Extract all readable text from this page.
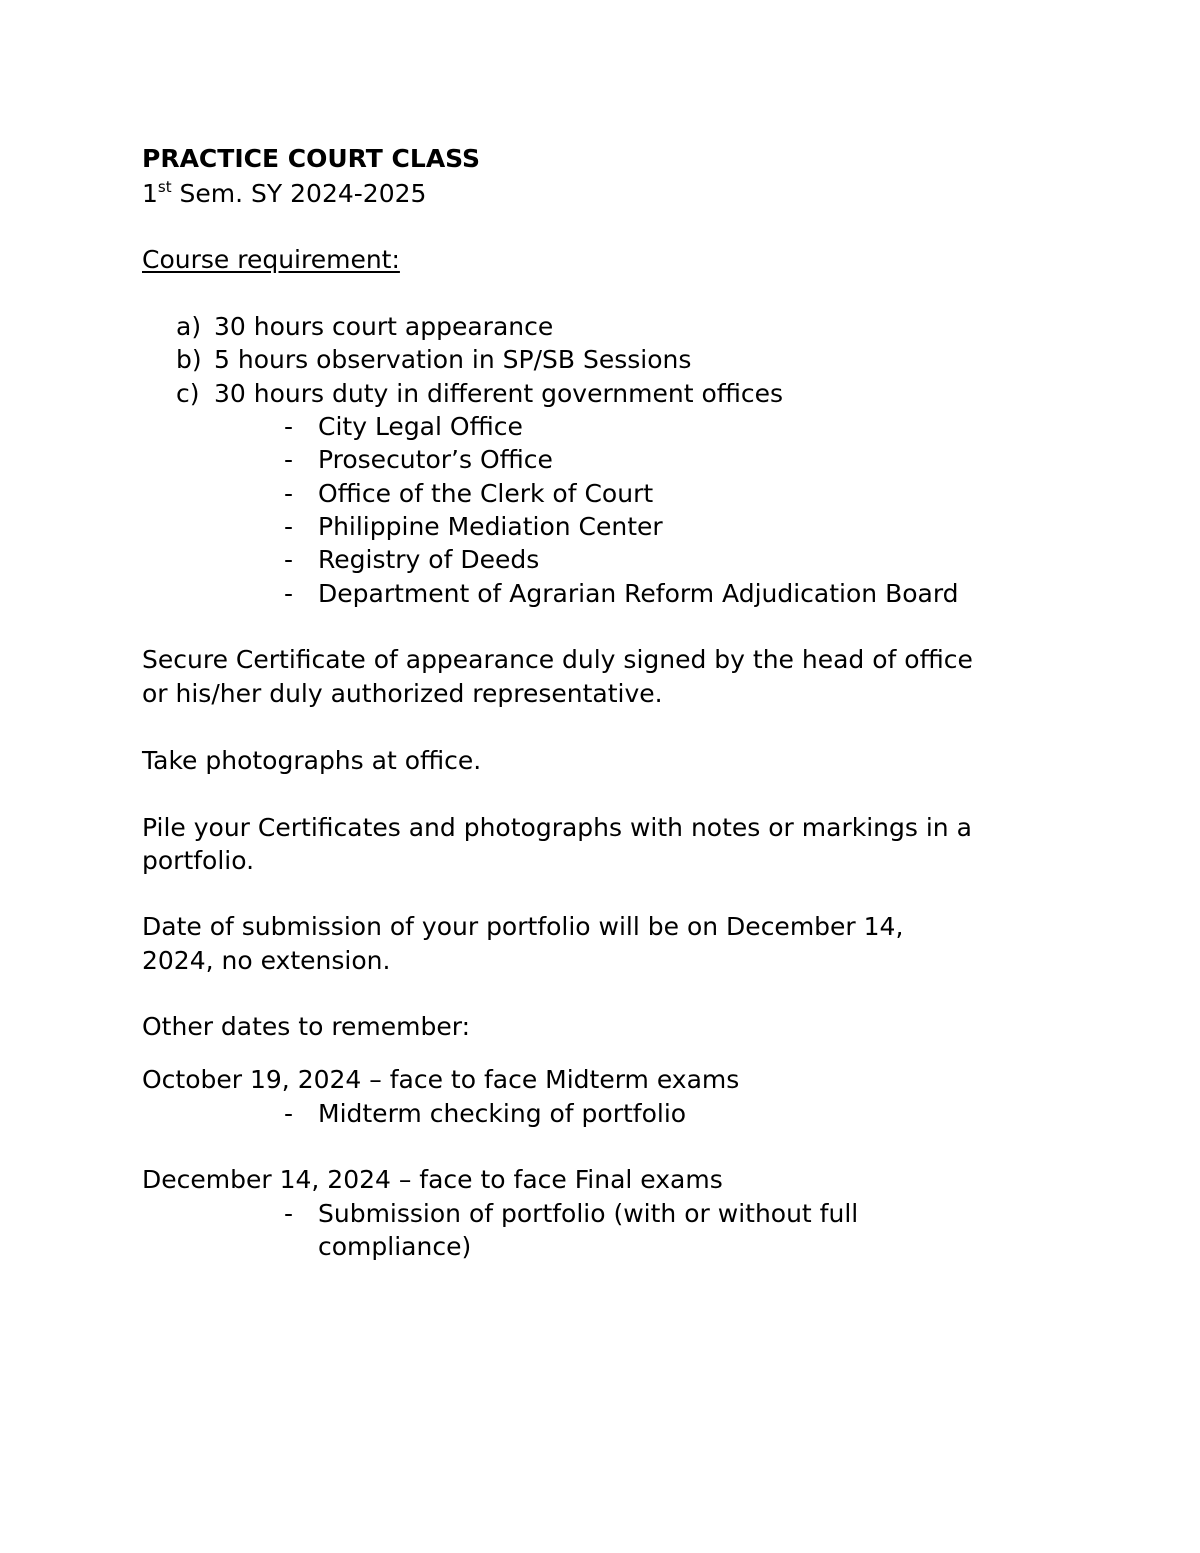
PRACTICE COURT CLASS
1st Sem. SY 2024-2025
Course requirement:
a) 30 hours court appearance
b) 5 hours observation in SP/SB Sessions
c) 30 hours duty in different government offices
- City Legal Office
- Prosecutor’s Office
- Office of the Clerk of Court
- Philippine Mediation Center
- Registry of Deeds
- Department of Agrarian Reform Adjudication Board
Secure Certificate of appearance duly signed by the head of office
or his/her duly authorized representative.
Take photographs at office.
Pile your Certificates and photographs with notes or markings in a
portfolio.
Date of submission of your portfolio will be on December 14,
2024, no extension.
Other dates to remember:
October 19, 2024 – face to face Midterm exams
- Midterm checking of portfolio
December 14, 2024 – face to face Final exams
- Submission of portfolio (with or without full
compliance)
